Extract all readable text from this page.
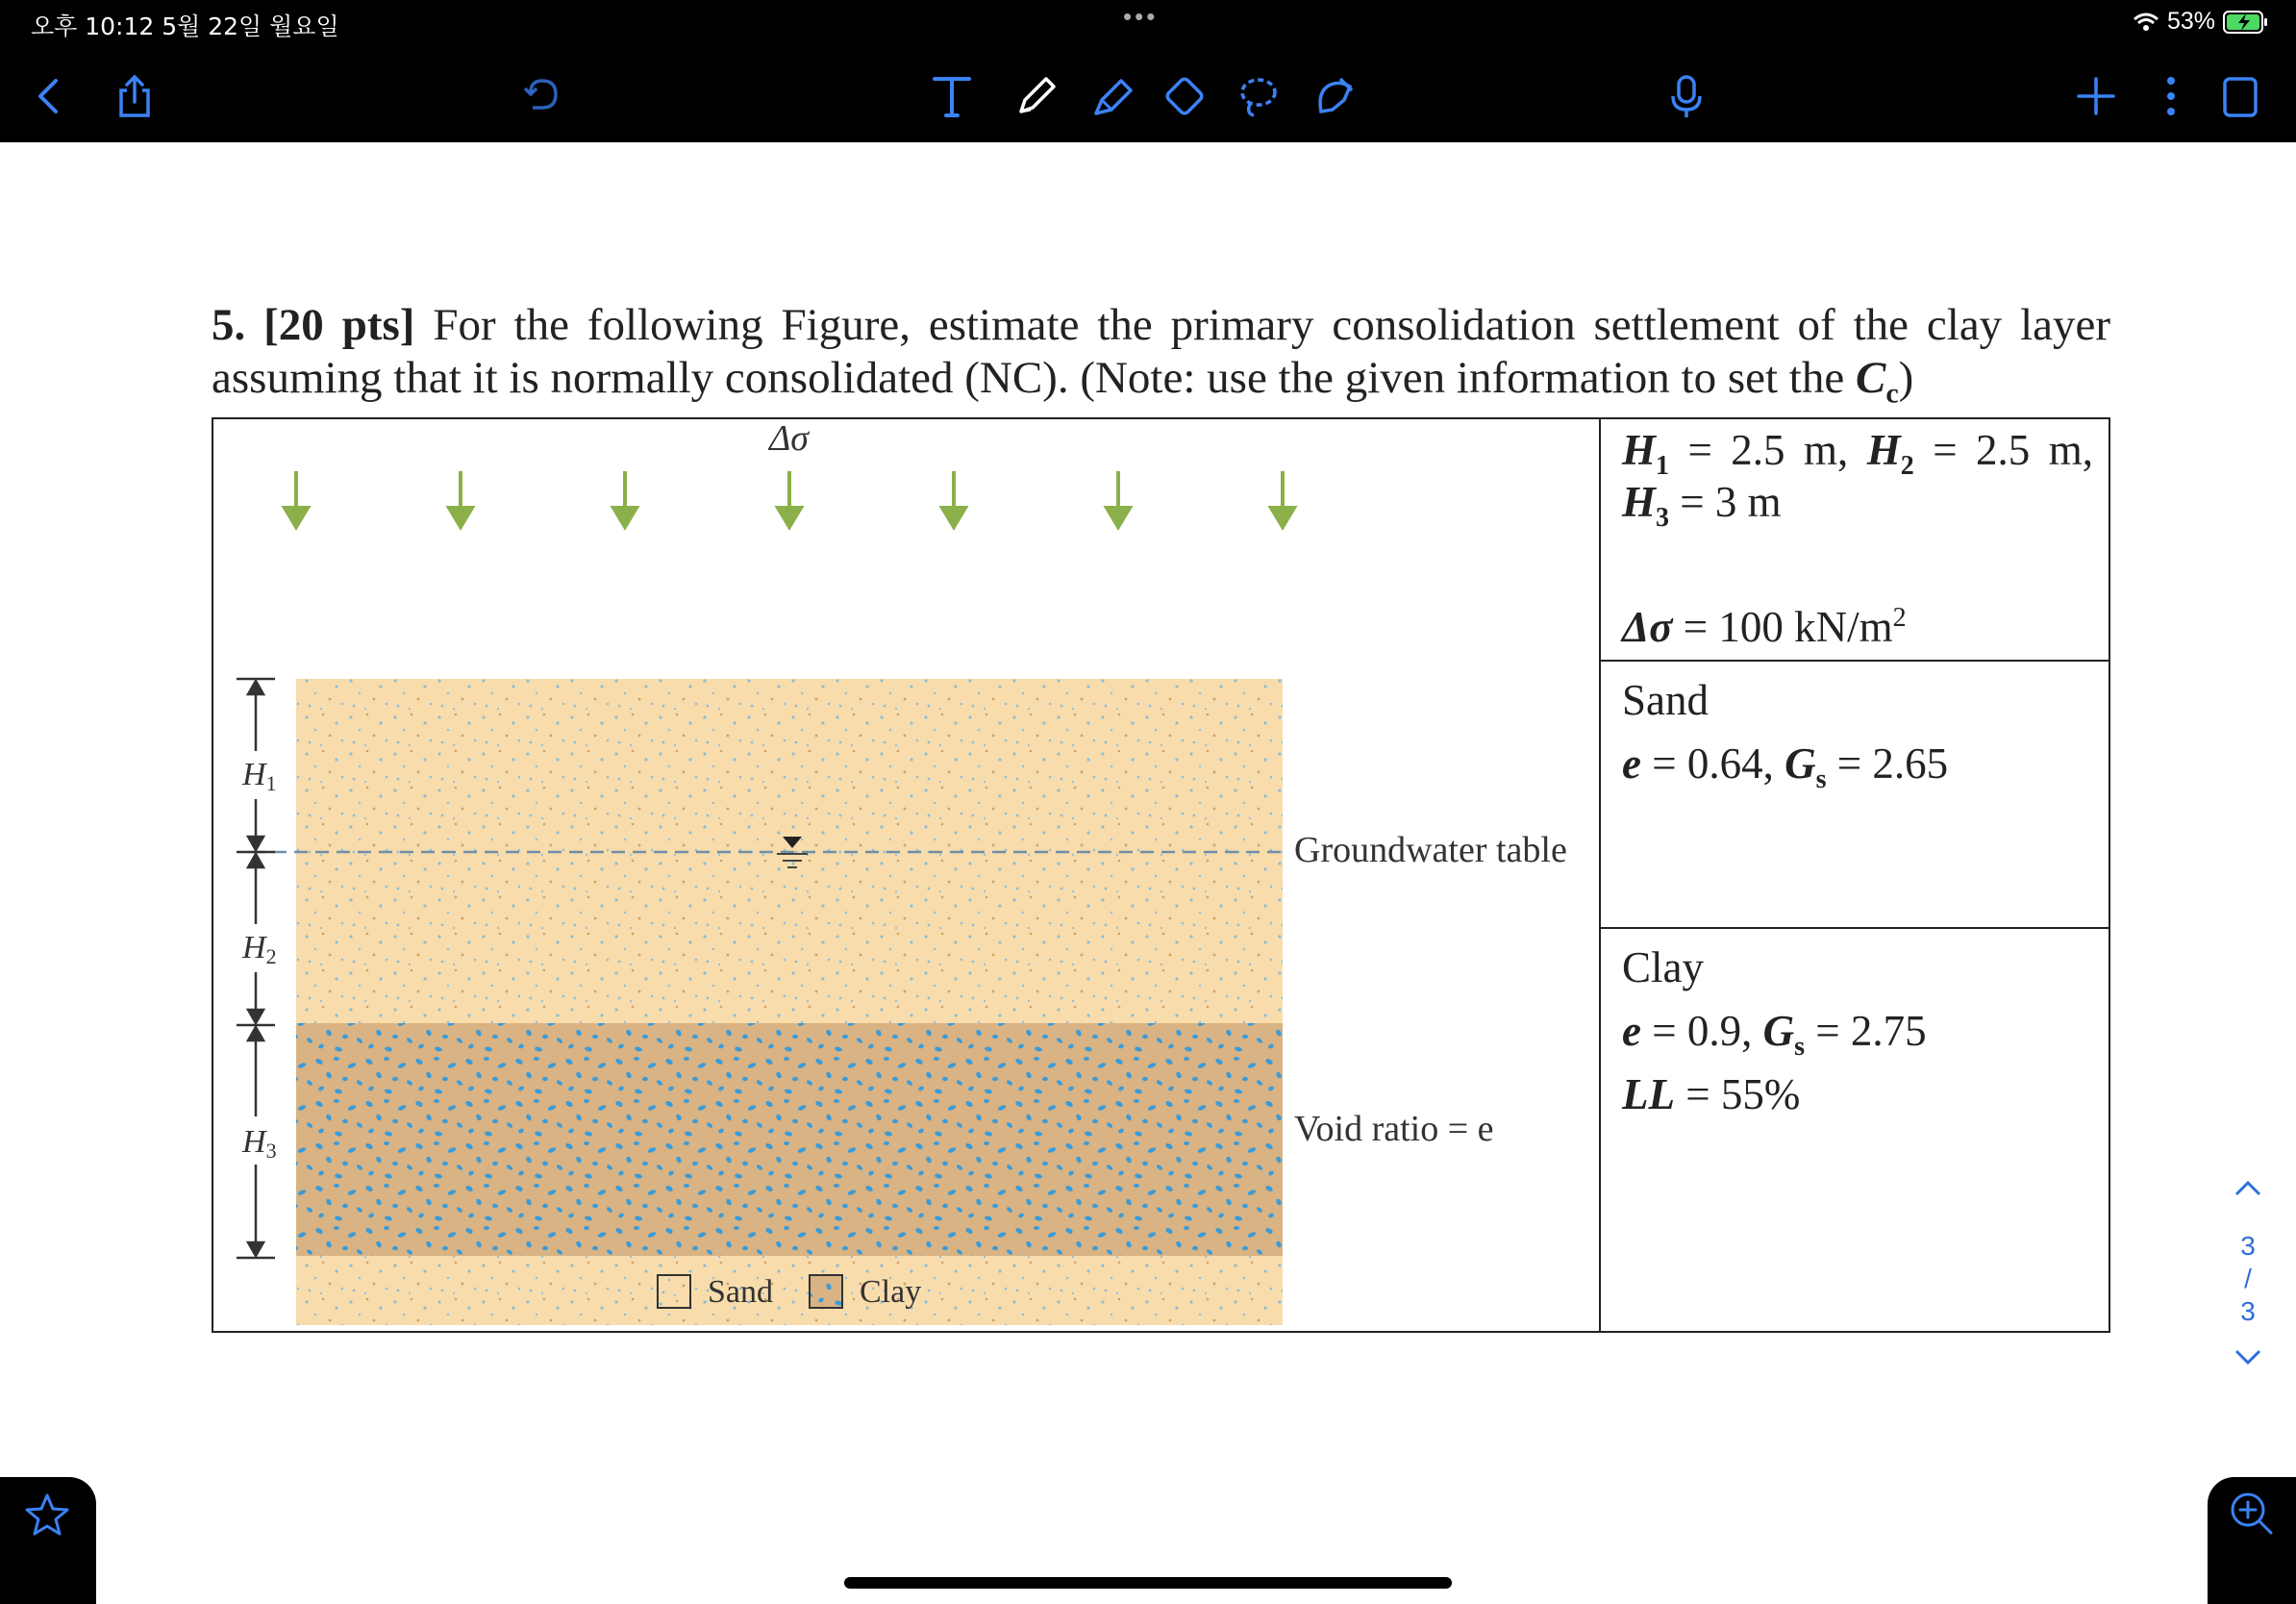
오후 10:12 5월 22일 월요일	•••	53%
5. [20 pts] For the following Figure, estimate the primary consolidation settlement of the clay layer
assuming that it is normally consolidated (NC). (Note: use the given information to set the $C_c$)
Groundwater table
Void ratio = e
Δσ
H1
H2
H3
Sand	Clay
$H_1 = 2.5$ m, $H_2 = 2.5$ m,
$H_3 = 3$ m
Δσ = 100 $kN/m^2$
Sand
e = 0.64, $G_s = 2.65$
Clay
e = 0.9, $G_s = 2.75$
LL = 55%
3
/
3
